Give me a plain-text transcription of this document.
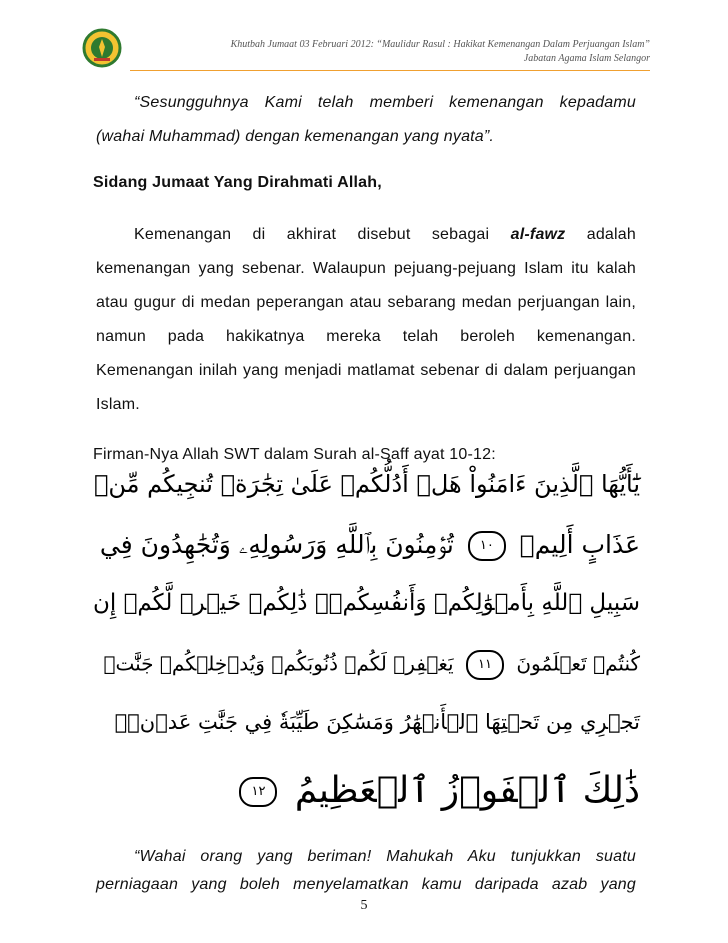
Khutbah Jumaat 03 Februari 2012: “Maulidur Rasul : Hakikat Kemenangan Dalam Perjuangan Islam”
Jabatan Agama Islam Selangor
“Sesungguhnya Kami telah memberi kemenangan kepadamu
(wahai Muhammad) dengan kemenangan yang nyata”.
Sidang Jumaat Yang Dirahmati Allah,
Kemenangan di akhirat disebut sebagai al-fawz adalah
kemenangan yang sebenar. Walaupun pejuang-pejuang Islam itu kalah
atau gugur di medan peperangan atau sebarang medan perjuangan lain,
namun pada hakikatnya mereka telah beroleh kemenangan.
Kemenangan inilah yang menjadi matlamat sebenar di dalam perjuangan
Islam.
Firman-Nya Allah SWT dalam Surah al-Saff ayat 10-12:
يَٰٓأَيُّهَا ٱلَّذِينَ ءَامَنُواْ هَلۡ أَدُلُّكُمۡ عَلَىٰ تِجَٰرَةٖ تُنجِيكُم مِّنۡ
عَذَابٍ أَلِيمٖ ١٠ تُؤۡمِنُونَ بِٱللَّهِ وَرَسُولِهِۦ وَتُجَٰهِدُونَ فِي
سَبِيلِ ٱللَّهِ بِأَمۡوَٰلِكُمۡ وَأَنفُسِكُمۡۚ ذَٰلِكُمۡ خَيۡرٞ لَّكُمۡ إِن
كُنتُمۡ تَعۡلَمُونَ ١١ يَغۡفِرۡ لَكُمۡ ذُنُوبَكُمۡ وَيُدۡخِلۡكُمۡ جَنَّٰتٖ
تَجۡرِي مِن تَحۡتِهَا ٱلۡأَنۡهَٰرُ وَمَسَٰكِنَ طَيِّبَةٗ فِي جَنَّٰتِ عَدۡنٖۚ
ذَٰلِكَ ٱلۡفَوۡزُ ٱلۡعَظِيمُ ١٢
“Wahai orang yang beriman! Mahukah Aku tunjukkan suatu
perniagaan yang boleh menyelamatkan kamu daripada azab yang
5
